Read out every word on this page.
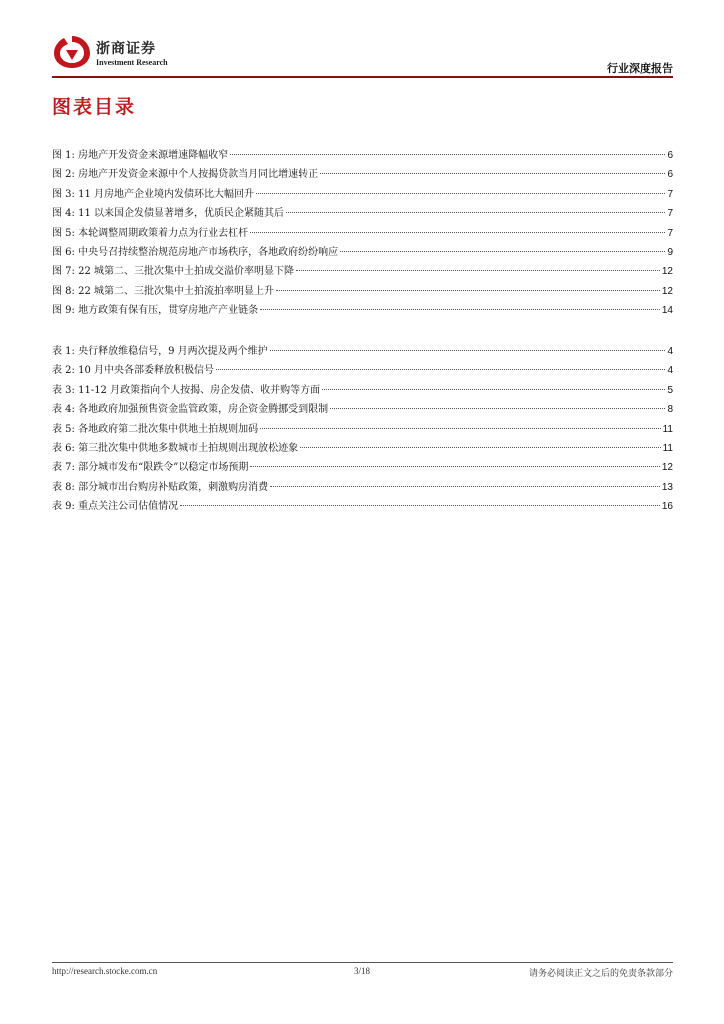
浙商证券
Investment Research	行业深度报告
图表目录
图 1: 房地产开发资金来源增速降幅收窄	6
图 2: 房地产开发资金来源中个人按揭贷款当月同比增速转正	6
图 3: 11 月房地产企业境内发债环比大幅回升	7
图 4: 11 以来国企发债显著增多，优质民企紧随其后	7
图 5: 本轮调整周期政策着力点为行业去杠杆	7
图 6: 中央号召持续整治规范房地产市场秩序，各地政府纷纷响应	9
图 7: 22 城第二、三批次集中土拍成交溢价率明显下降	12
图 8: 22 城第二、三批次集中土拍流拍率明显上升	12
图 9: 地方政策有保有压，贯穿房地产产业链条	14
表 1: 央行释放维稳信号，9 月两次提及两个维护	4
表 2: 10 月中央各部委释放积极信号	4
表 3: 11-12 月政策指向个人按揭、房企发债、收并购等方面	5
表 4: 各地政府加强预售资金监管政策，房企资金腾挪受到限制	8
表 5: 各地政府第二批次集中供地土拍规则加码	11
表 6: 第三批次集中供地多数城市土拍规则出现放松迹象	11
表 7: 部分城市发布“限跌令”以稳定市场预期	12
表 8: 部分城市出台购房补贴政策，刺激购房消费	13
表 9: 重点关注公司估值情况	16
http://research.stocke.com.cn	3/18	请务必阅读正文之后的免责条款部分
